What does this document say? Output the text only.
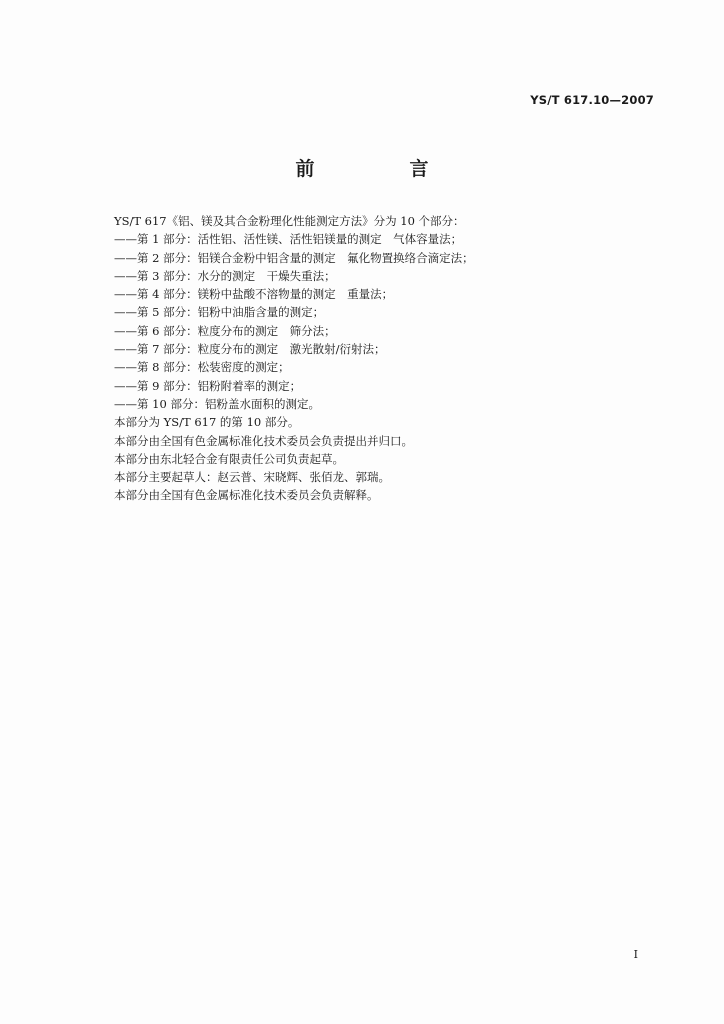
YS/T 617.10—2007
前　言
YS/T 617《铝、镁及其合金粉理化性能测定方法》分为 10 个部分：
——第 1 部分：活性铝、活性镁、活性铝镁量的测定　气体容量法；
——第 2 部分：铝镁合金粉中铝含量的测定　氟化物置换络合滴定法；
——第 3 部分：水分的测定　干燥失重法；
——第 4 部分：镁粉中盐酸不溶物量的测定　重量法；
——第 5 部分：铝粉中油脂含量的测定；
——第 6 部分：粒度分布的测定　筛分法；
——第 7 部分：粒度分布的测定　激光散射/衍射法；
——第 8 部分：松装密度的测定；
——第 9 部分：铝粉附着率的测定；
——第 10 部分：铝粉盖水面积的测定。
本部分为 YS/T 617 的第 10 部分。
本部分由全国有色金属标准化技术委员会负责提出并归口。
本部分由东北轻合金有限责任公司负责起草。
本部分主要起草人：赵云普、宋晓辉、张佰龙、郭瑞。
本部分由全国有色金属标准化技术委员会负责解释。
I
